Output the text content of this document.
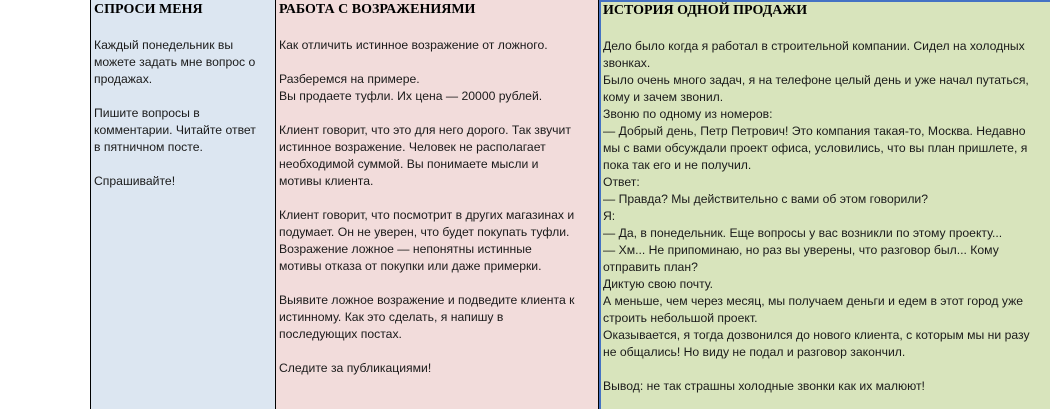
СПРОСИ МЕНЯ
Каждый понедельник вы
можете задать мне вопрос о
продажах.
Пишите вопросы в
комментарии. Читайте ответ
в пятничном посте.
Спрашивайте!
РАБОТА С ВОЗРАЖЕНИЯМИ
Как отличить истинное возражение от ложного.
Разберемся на примере.
Вы продаете туфли. Их цена — 20000 рублей.
Клиент говорит, что это для него дорого. Так звучит
истинное возражение. Человек не располагает
необходимой суммой. Вы понимаете мысли и
мотивы клиента.
Клиент говорит, что посмотрит в других магазинах и
подумает. Он не уверен, что будет покупать туфли.
Возражение ложное — непонятны истинные
мотивы отказа от покупки или даже примерки.
Выявите ложное возражение и подведите клиента к
истинному. Как это сделать, я напишу в
последующих постах.
Следите за публикациями!
ИСТОРИЯ ОДНОЙ ПРОДАЖИ
Дело было когда я работал в строительной компании. Сидел на холодных
звонках.
Было очень много задач, я на телефоне целый день и уже начал путаться,
кому и зачем звонил.
Звоню по одному из номеров:
— Добрый день, Петр Петрович! Это компания такая-то, Москва. Недавно
мы с вами обсуждали проект офиса, условились, что вы план пришлете, я
пока так его и не получил.
Ответ:
— Правда? Мы действительно с вами об этом говорили?
Я:
— Да, в понедельник. Еще вопросы у вас возникли по этому проекту...
— Хм... Не припоминаю, но раз вы уверены, что разговор был... Кому
отправить план?
Диктую свою почту.
А меньше, чем через месяц, мы получаем деньги и едем в этот город уже
строить небольшой проект.
Оказывается, я тогда дозвонился до нового клиента, с которым мы ни разу
не общались! Но виду не подал и разговор закончил.
Вывод: не так страшны холодные звонки как их малюют!
